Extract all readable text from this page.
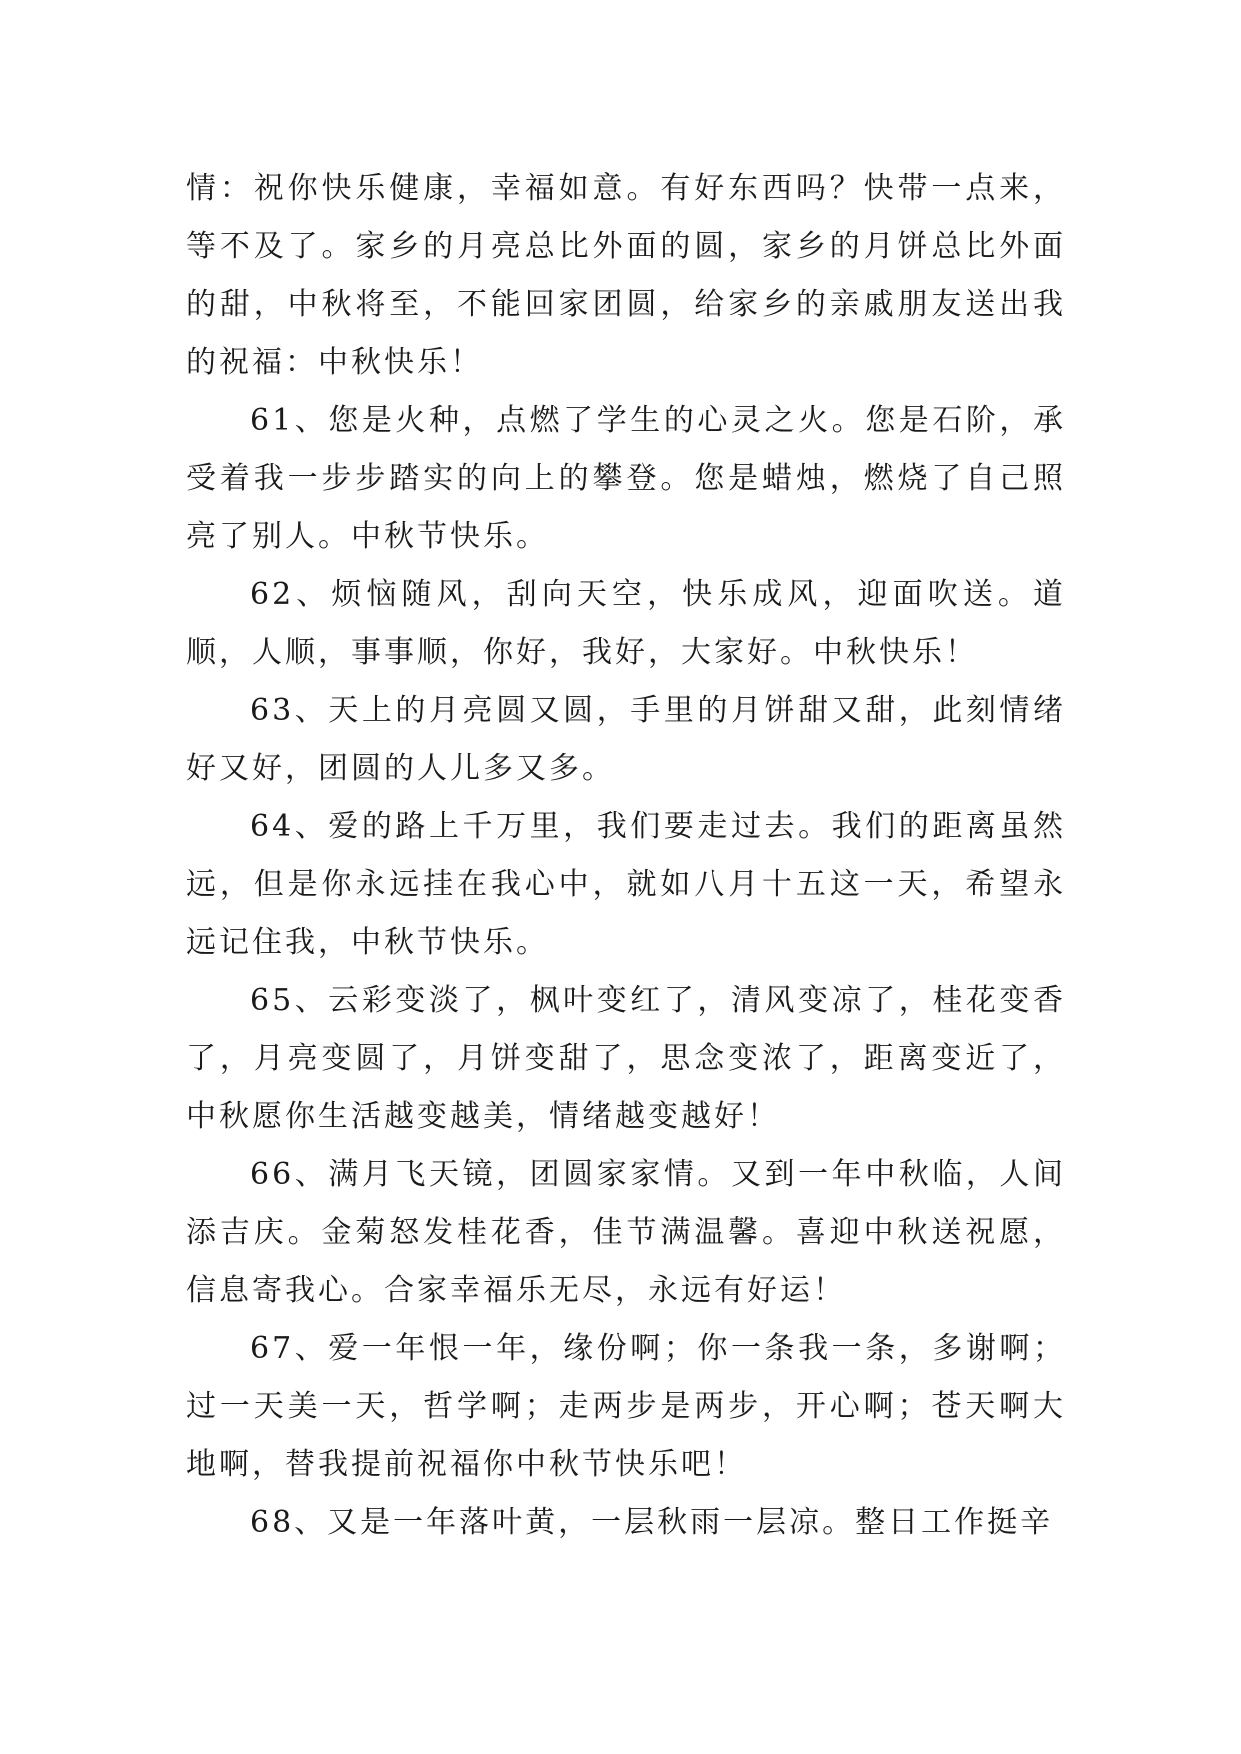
情：祝你快乐健康，幸福如意。有好东西吗？快带一点来，等不及了。家乡的月亮总比外面的圆，家乡的月饼总比外面的甜，中秋将至，不能回家团圆，给家乡的亲戚朋友送出我的祝福：中秋快乐！

61、您是火种，点燃了学生的心灵之火。您是石阶，承受着我一步步踏实的向上的攀登。您是蜡烛，燃烧了自己照亮了别人。中秋节快乐。

62、烦恼随风，刮向天空，快乐成风，迎面吹送。道顺，人顺，事事顺，你好，我好，大家好。中秋快乐！

63、天上的月亮圆又圆，手里的月饼甜又甜，此刻情绪好又好，团圆的人儿多又多。

64、爱的路上千万里，我们要走过去。我们的距离虽然远，但是你永远挂在我心中，就如八月十五这一天，希望永远记住我，中秋节快乐。

65、云彩变淡了，枫叶变红了，清风变凉了，桂花变香了，月亮变圆了，月饼变甜了，思念变浓了，距离变近了，中秋愿你生活越变越美，情绪越变越好！

66、满月飞天镜，团圆家家情。又到一年中秋临，人间添吉庆。金菊怒发桂花香，佳节满温馨。喜迎中秋送祝愿，信息寄我心。合家幸福乐无尽，永远有好运！

67、爱一年恨一年，缘份啊；你一条我一条，多谢啊；过一天美一天，哲学啊；走两步是两步，开心啊；苍天啊大地啊，替我提前祝福你中秋节快乐吧！

68、又是一年落叶黄，一层秋雨一层凉。整日工作挺辛
